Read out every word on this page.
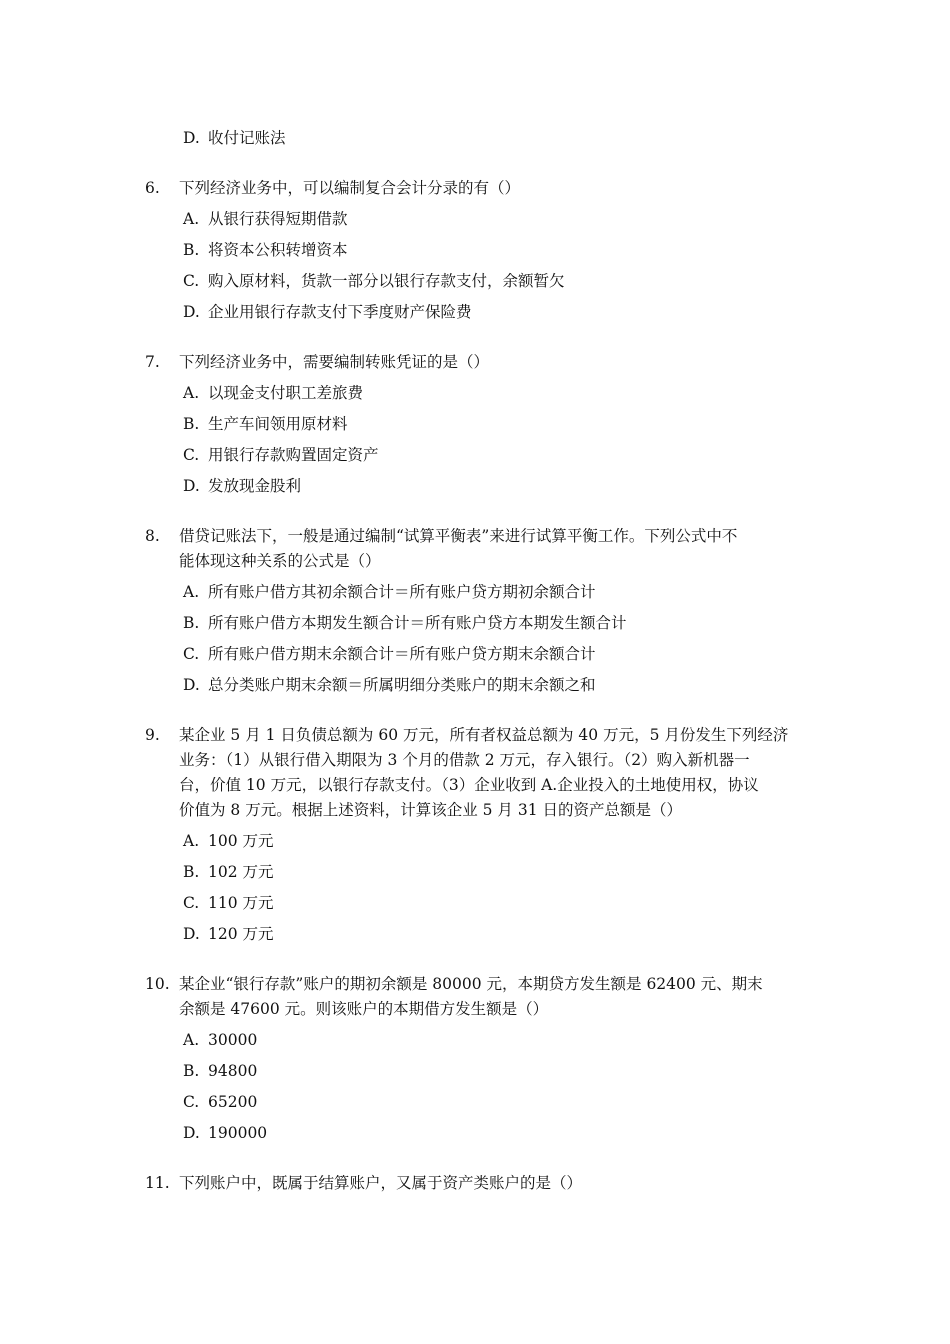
D. 收付记账法
6. 下列经济业务中，可以编制复合会计分录的有（）
A. 从银行获得短期借款
B. 将资本公积转增资本
C. 购入原材料，货款一部分以银行存款支付，余额暂欠
D. 企业用银行存款支付下季度财产保险费
7. 下列经济业务中，需要编制转账凭证的是（）
A. 以现金支付职工差旅费
B. 生产车间领用原材料
C. 用银行存款购置固定资产
D. 发放现金股利
8. 借贷记账法下，一般是通过编制“试算平衡表”来进行试算平衡工作。下列公式中不
能体现这种关系的公式是（）
A. 所有账户借方其初余额合计＝所有账户贷方期初余额合计
B. 所有账户借方本期发生额合计＝所有账户贷方本期发生额合计
C. 所有账户借方期末余额合计＝所有账户贷方期末余额合计
D. 总分类账户期末余额＝所属明细分类账户的期末余额之和
9. 某企业 5 月 1 日负债总额为 60 万元，所有者权益总额为 40 万元，5 月份发生下列经济
业务：（1）从银行借入期限为 3 个月的借款 2 万元，存入银行。（2）购入新机器一
台，价值 10 万元，以银行存款支付。（3）企业收到 A.企业投入的土地使用权，协议
价值为 8 万元。根据上述资料，计算该企业 5 月 31 日的资产总额是（）
A. 100 万元
B. 102 万元
C. 110 万元
D. 120 万元
10. 某企业“银行存款”账户的期初余额是 80000 元，本期贷方发生额是 62400 元、期末
余额是 47600 元。则该账户的本期借方发生额是（）
A. 30000
B. 94800
C. 65200
D. 190000
11. 下列账户中，既属于结算账户，又属于资产类账户的是（）
